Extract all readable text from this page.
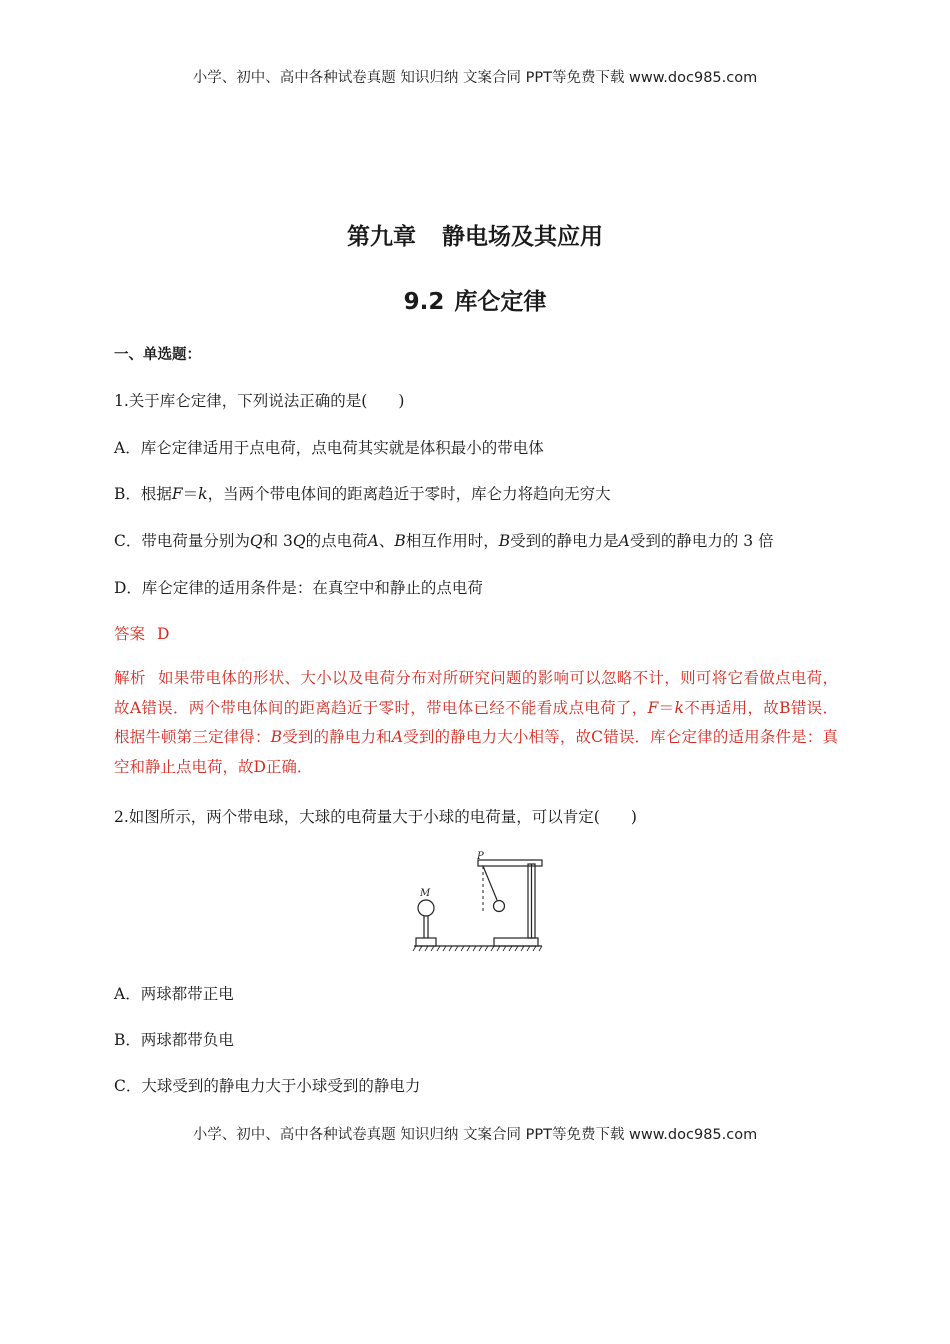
小学、初中、高中各种试卷真题 知识归纳 文案合同 PPT等免费下载 www.doc985.com
第九章 静电场及其应用
9.2 库仑定律
一、单选题：
1.关于库仑定律，下列说法正确的是(　　)
A．库仑定律适用于点电荷，点电荷其实就是体积最小的带电体
B．根据F＝k，当两个带电体间的距离趋近于零时，库仑力将趋向无穷大
C．带电荷量分别为Q和 3Q的点电荷A、B相互作用时，B受到的静电力是A受到的静电力的 3 倍
D．库仑定律的适用条件是：在真空中和静止的点电荷
答案 D
解析 如果带电体的形状、大小以及电荷分布对所研究问题的影响可以忽略不计，则可将它看做点电荷，故A错误．两个带电体间的距离趋近于零时，带电体已经不能看成点电荷了，F＝k不再适用，故B错误．根据牛顿第三定律得：B受到的静电力和A受到的静电力大小相等，故C错误．库仑定律的适用条件是：真空和静止点电荷，故D正确．
2.如图所示，两个带电球，大球的电荷量大于小球的电荷量，可以肯定(　　)
M
P
A．两球都带正电
B．两球都带负电
C．大球受到的静电力大于小球受到的静电力
小学、初中、高中各种试卷真题 知识归纳 文案合同 PPT等免费下载 www.doc985.com
